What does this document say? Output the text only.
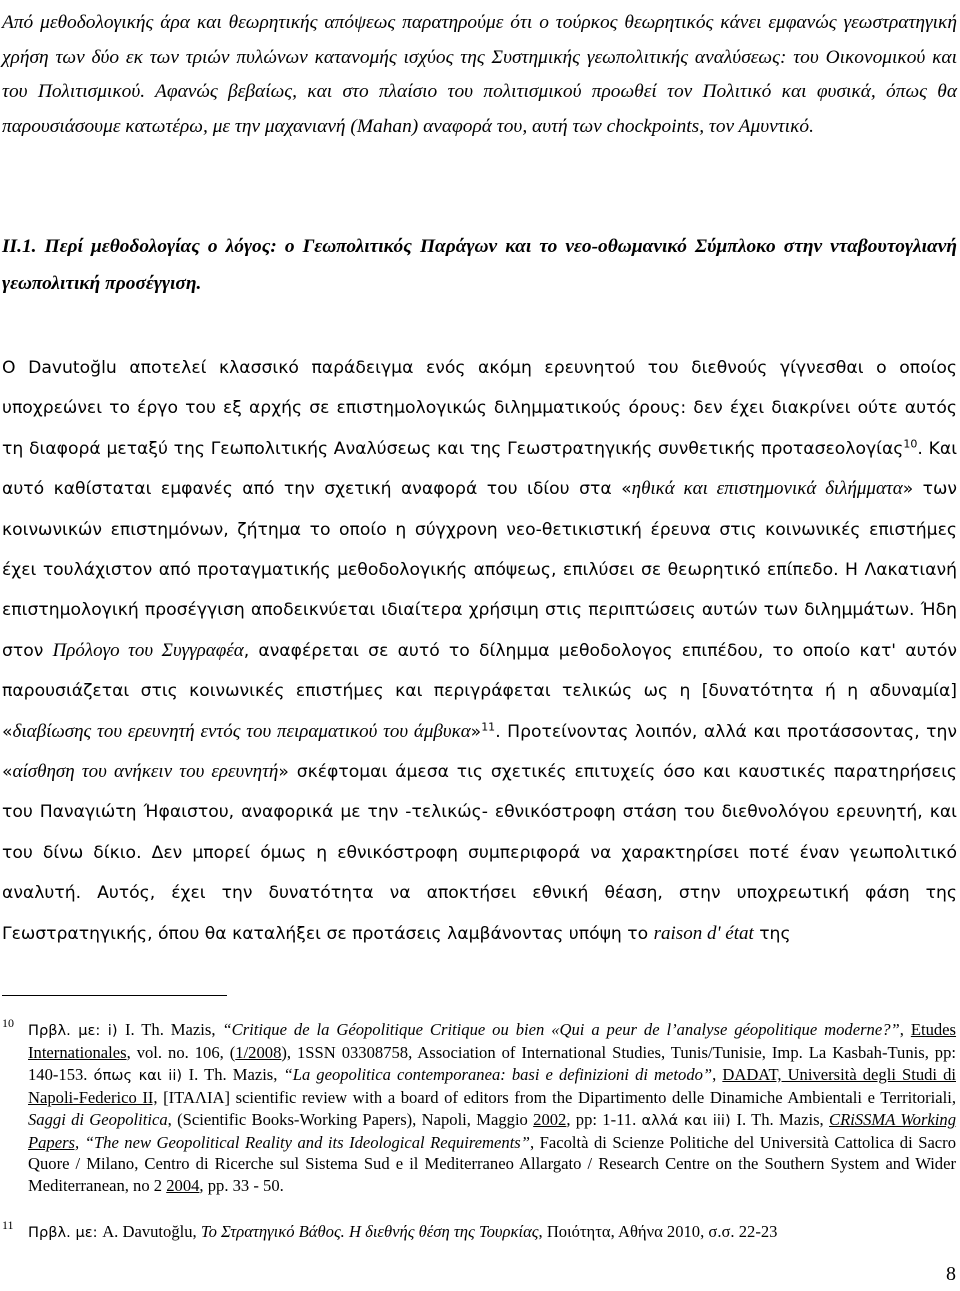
Από μεθοδολογικής άρα και θεωρητικής απόψεως παρατηρούμε ότι ο τούρκος θεωρητικός κάνει εμφανώς γεωστρατηγική χρήση των δύο εκ των τριών πυλώνων κατανομής ισχύος της Συστημικής γεωπολιτικής αναλύσεως: του Οικονομικού και του Πολιτισμικού. Αφανώς βεβαίως, και στο πλαίσιο του πολιτισμικού προωθεί τον Πολιτικό και φυσικά, όπως θα παρουσιάσουμε κατωτέρω, με την μαχανιανή (Mahan) αναφορά του, αυτή των chockpoints, τον Αμυντικό.

ΙΙ.1. Περί μεθοδολογίας ο λόγος: ο Γεωπολιτικός Παράγων και το νεο-οθωμανικό Σύμπλοκο στην νταβουτογλιανή γεωπολιτική προσέγγιση.

Ο Davutoğlu αποτελεί κλασσικό παράδειγμα ενός ακόμη ερευνητού του διεθνούς γίγνεσθαι ο οποίος υποχρεώνει το έργο του εξ αρχής σε επιστημολογικώς διλημματικούς όρους: δεν έχει διακρίνει ούτε αυτός τη διαφορά μεταξύ της Γεωπολιτικής Αναλύσεως και της Γεωστρατηγικής συνθετικής προτασεολογίας$^{10}$. Και αυτό καθίσταται εμφανές από την σχετική αναφορά του ιδίου στα «ηθικά και επιστημονικά διλήμματα» των κοινωνικών επιστημόνων, ζήτημα το οποίο η σύγχρονη νεο-θετικιστική έρευνα στις κοινωνικές επιστήμες έχει τουλάχιστον από προταγματικής μεθοδολογικής απόψεως, επιλύσει σε θεωρητικό επίπεδο. Η Λακατιανή επιστημολογική προσέγγιση αποδεικνύεται ιδιαίτερα χρήσιμη στις περιπτώσεις αυτών των διλημμάτων. Ήδη στον Πρόλογο του Συγγραφέα, αναφέρεται σε αυτό το δίλημμα μεθοδολογος επιπέδου, το οποίο κατ' αυτόν παρουσιάζεται στις κοινωνικές επιστήμες και περιγράφεται τελικώς ως η [δυνατότητα ή η αδυναμία] «διαβίωσης του ερευνητή εντός του πειραματικού του άμβυκα»$^{11}$. Προτείνοντας λοιπόν, αλλά και προτάσσοντας, την «αίσθηση του ανήκειν του ερευνητή» σκέφτομαι άμεσα τις σχετικές επιτυχείς όσο και καυστικές παρατηρήσεις του Παναγιώτη Ήφαιστου, αναφορικά με την -τελικώς- εθνικόστροφη στάση του διεθνολόγου ερευνητή, και του δίνω δίκιο. Δεν μπορεί όμως η εθνικόστροφη συμπεριφορά να χαρακτηρίσει ποτέ έναν γεωπολιτικό αναλυτή. Αυτός, έχει την δυνατότητα να αποκτήσει εθνική θέαση, στην υποχρεωτική φάση της Γεωστρατηγικής, όπου θα καταλήξει σε προτάσεις λαμβάνοντας υπόψη το raison d' état της

10 Πρβλ. με: i) I. Th. Mazis, “Critique de la Géopolitique Critique ou bien «Qui a peur de l’analyse géopolitique moderne?”, Etudes Internationales, vol. no. 106, (1/2008), 1SSN 03308758, Association of International Studies, Tunis/Tunisie, Imp. La Kasbah-Tunis, pp: 140-153. όπως και ii) I. Th. Mazis, “La geopolitica contemporanea: basi e definizioni di metodo”, DADAT, Università degli Studi di Napoli-Federico II, [ΙΤΑΛΙΑ] scientific review with a board of editors from the Dipartimento delle Dinamiche Ambientali e Territoriali, Saggi di Geopolitica, (Scientific Books-Working Papers), Napoli, Maggio 2002, pp: 1-11. αλλά και iii) I. Th. Mazis, CRiSSMA Working Papers, “The new Geopolitical Reality and its Ideological Requirements”, Facoltà di Scienze Politiche del Università Cattolica di Sacro Quore / Milano, Centro di Ricerche sul Sistema Sud e il Mediterraneo Allargato / Research Centre on the Southern System and Wider Mediterranean, no 2 2004, pp. 33 - 50.

11 Πρβλ. με: A. Davutoğlu, Το Στρατηγικό Βάθος. Η διεθνής θέση της Τουρκίας, Ποιότητα, Αθήνα 2010, σ.σ. 22-23

8
